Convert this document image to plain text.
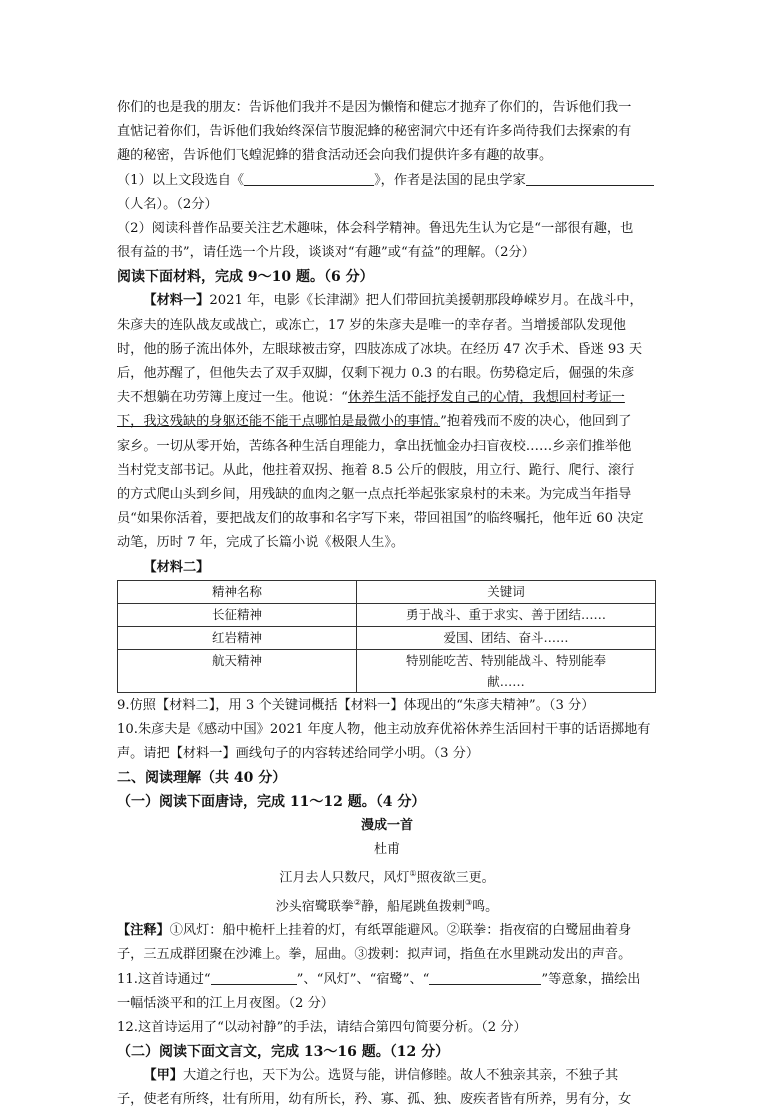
你们的也是我的朋友：告诉他们我并不是因为懒惰和健忘才抛弃了你们的，告诉他们我一

直惦记着你们，告诉他们我始终深信节腹泥蜂的秘密洞穴中还有许多尚待我们去探索的有

趣的秘密，告诉他们飞蝗泥蜂的猎食活动还会向我们提供许多有趣的故事。

（1）以上文段选自《	》，作者是法国的昆虫学家

（人名）。（2分）

（2）阅读科普作品要关注艺术趣味，体会科学精神。鲁迅先生认为它是“一部很有趣，也

很有益的书”，请任选一个片段，谈谈对“有趣”或“有益”的理解。（2分）

阅读下面材料，完成 9～10 题。（6 分）

【材料一】2021 年，电影《长津湖》把人们带回抗美援朝那段峥嵘岁月。在战斗中，

朱彦夫的连队战友或战亡，或冻亡，17 岁的朱彦夫是唯一的幸存者。当增援部队发现他

时，他的肠子流出体外，左眼球被击穿，四肢冻成了冰块。在经历 47 次手术、昏迷 93 天

后，他苏醒了，但他失去了双手双脚，仅剩下视力 0.3 的右眼。伤势稳定后，倔强的朱彦

夫不想躺在功劳簿上度过一生。他说：“休养生活不能抒发自己的心情，我想回村考证一

下，我这残缺的身躯还能不能干点哪怕是最微小的事情。”抱着残而不废的决心，他回到了

家乡。一切从零开始，苦练各种生活自理能力，拿出抚恤金办扫盲夜校……乡亲们推举他

当村党支部书记。从此，他拄着双拐、拖着 8.5 公斤的假肢，用立行、跪行、爬行、滚行

的方式爬山头到乡间，用残缺的血肉之躯一点点托举起张家泉村的未来。为完成当年指导

员“如果你活着，要把战友们的故事和名字写下来，带回祖国”的临终嘱托，他年近 60 决定

动笔，历时 7 年，完成了长篇小说《极限人生》。

【材料二】

精神名称	关键词
长征精神	勇于战斗、重于求实、善于团结……
红岩精神	爱国、团结、奋斗……
航天精神	特别能吃苦、特别能战斗、特别能奉
献……

9.仿照【材料二】，用 3 个关键词概括【材料一】体现出的“朱彦夫精神”。（3 分）

10.朱彦夫是《感动中国》2021 年度人物，他主动放弃优裕休养生活回村干事的话语掷地有

声。请把【材料一】画线句子的内容转述给同学小明。（3 分）

二、阅读理解（共 40 分）

（一）阅读下面唐诗，完成 11～12 题。（4 分）

漫成一首

杜甫

江月去人只数尺，风灯①照夜欲三更。

沙头宿鹭联拳②静，船尾跳鱼拨剌③鸣。

【注释】①风灯：船中桅杆上挂着的灯，有纸罩能避风。②联拳：指夜宿的白鹭屈曲着身

子，三五成群团聚在沙滩上。拳，屈曲。③拨剌：拟声词，指鱼在水里跳动发出的声音。

11.这首诗通过“	”、“风灯”、“宿鹭”、“	”等意象，描绘出

一幅恬淡平和的江上月夜图。（2 分）

12.这首诗运用了“以动衬静”的手法，请结合第四句简要分析。（2 分）

（二）阅读下面文言文，完成 13～16 题。（12 分）

【甲】大道之行也，天下为公。选贤与能，讲信修睦。故人不独亲其亲，不独子其

子，使老有所终，壮有所用，幼有所长，矜、寡、孤、独、废疾者皆有所养，男有分，女
